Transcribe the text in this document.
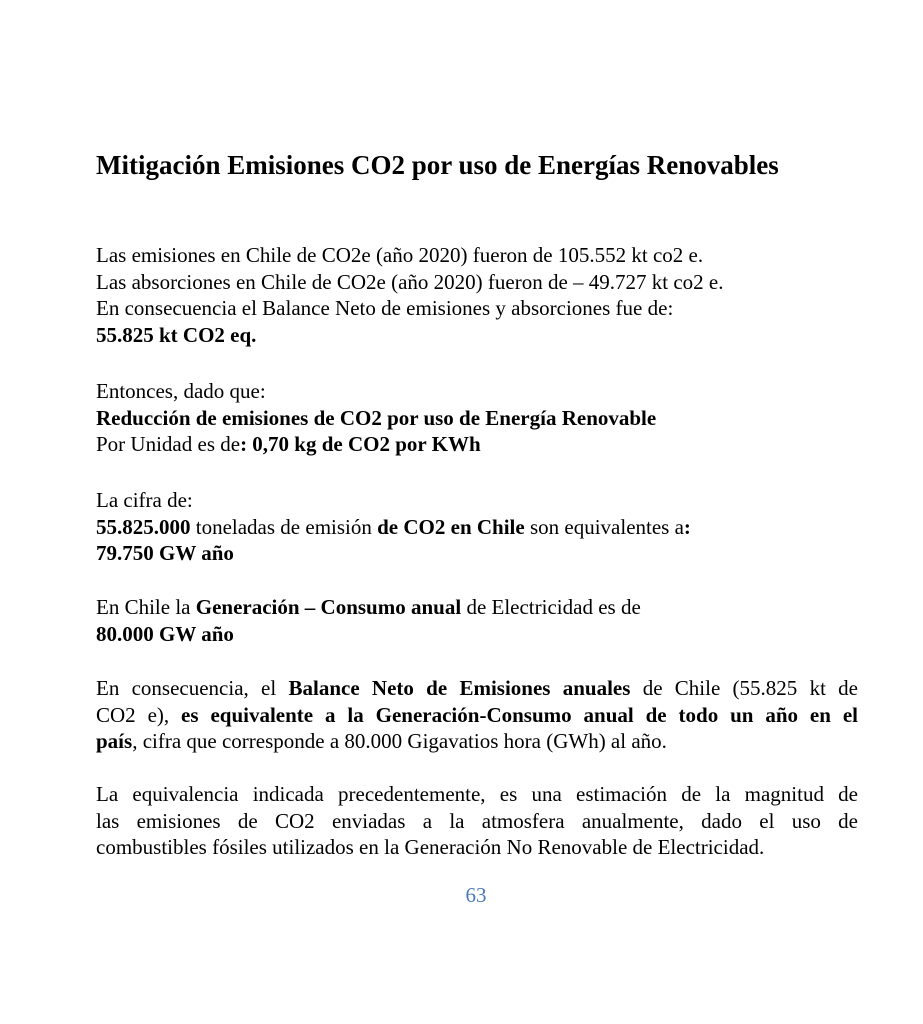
Mitigación Emisiones CO2 por uso de Energías Renovables
Las emisiones en Chile de CO2e (año 2020) fueron de 105.552 kt co2 e.
Las absorciones en Chile de CO2e (año 2020) fueron de – 49.727 kt co2 e.
En consecuencia el Balance Neto de emisiones y absorciones fue de:
55.825 kt CO2 eq.
Entonces, dado que:
Reducción de emisiones de CO2 por uso de Energía Renovable
Por Unidad es de: 0,70 kg de CO2 por KWh
La cifra de:
55.825.000 toneladas de emisión de CO2 en Chile son equivalentes a:
79.750 GW año
En Chile la Generación – Consumo anual de Electricidad es de
80.000 GW año
En consecuencia, el Balance Neto de Emisiones anuales de Chile (55.825 kt de
CO2 e), es equivalente a la Generación-Consumo anual de todo un año en el
país, cifra que corresponde a 80.000 Gigavatios hora (GWh) al año.
La equivalencia indicada precedentemente, es una estimación de la magnitud de
las emisiones de CO2 enviadas a la atmosfera anualmente, dado el uso de
combustibles fósiles utilizados en la Generación No Renovable de Electricidad.
63
